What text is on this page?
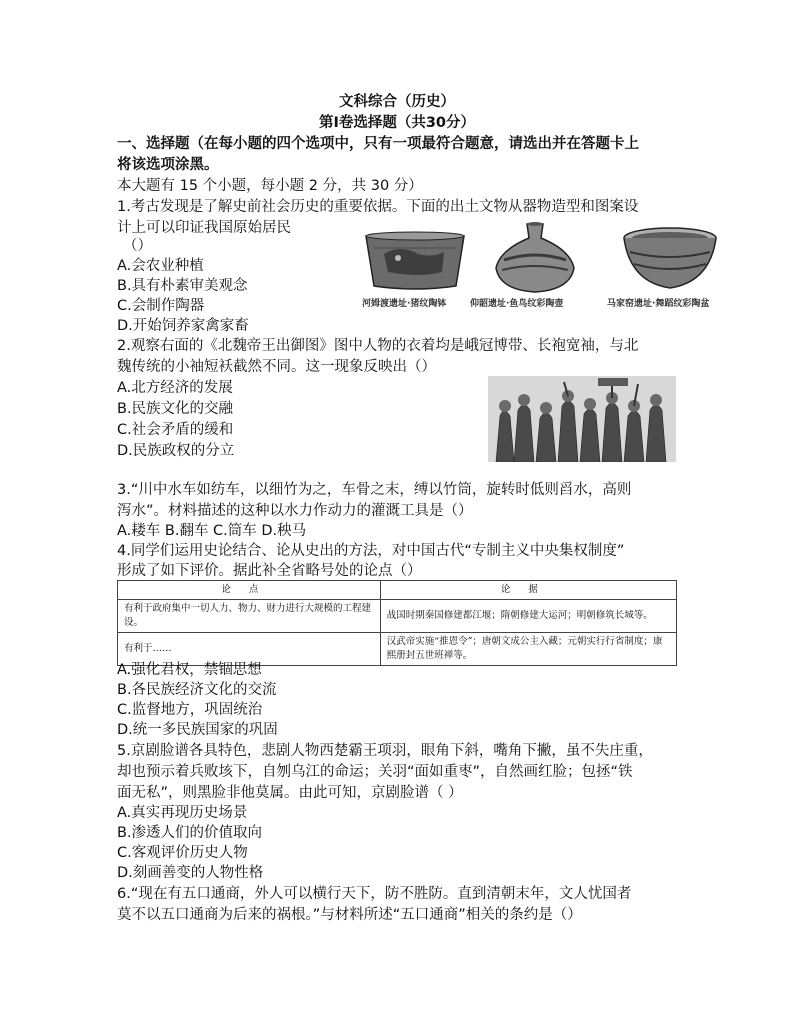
文科综合（历史）
第Ⅰ卷选择题（共30分）
一、选择题（在每小题的四个选项中，只有一项最符合题意，请选出并在答题卡上
将该选项涂黑。
本大题有 15 个小题，每小题 2 分，共 30 分）
1.考古发现是了解史前社会历史的重要依据。下面的出土文物从器物造型和图案设
计上可以印证我国原始居民
（）
A.会农业种植
B.具有朴素审美观念
C.会制作陶器
D.开始饲养家禽家畜
河姆渡遗址·猪纹陶钵	仰韶遗址·鱼鸟纹彩陶壶	马家窑遗址·舞蹈纹彩陶盆
2.观察右面的《北魏帝王出御图》图中人物的衣着均是峨冠博带、长袍宽袖，与北
魏传统的小袖短袄截然不同。这一现象反映出（）
A.北方经济的发展
B.民族文化的交融
C.社会矛盾的缓和
D.民族政权的分立
3.“川中水车如纺车，以细竹为之，车骨之末，缚以竹筒，旋转时低则舀水，高则
泻水”。材料描述的这种以水力作动力的灌溉工具是（）
A.耧车 B.翻车 C.筒车 D.秧马
4.同学们运用史论结合、论从史出的方法，对中国古代“专制主义中央集权制度”
形成了如下评价。据此补全省略号处的论点（）
论点	论据
有利于政府集中一切人力、物力、财力进行大规模的工程建设。	战国时期秦国修建都江堰；隋朝修建大运河；明朝修筑长城等。
有利于……	汉武帝实施“推恩令”；唐朝文成公主入藏；元朝实行行省制度；康熙册封五世班禅等。
A.强化君权，禁锢思想
B.各民族经济文化的交流
C.监督地方，巩固统治
D.统一多民族国家的巩固
5.京剧脸谱各具特色，悲剧人物西楚霸王项羽，眼角下斜，嘴角下撇，虽不失庄重，
却也预示着兵败垓下，自刎乌江的命运；关羽“面如重枣”，自然画红脸；包拯“铁
面无私”，则黑脸非他莫属。由此可知，京剧脸谱（ ）
A.真实再现历史场景
B.渗透人们的价值取向
C.客观评价历史人物
D.刻画善变的人物性格
6.“现在有五口通商，外人可以横行天下，防不胜防。直到清朝末年，文人忧国者
莫不以五口通商为后来的祸根。”与材料所述“五口通商”相关的条约是（）
